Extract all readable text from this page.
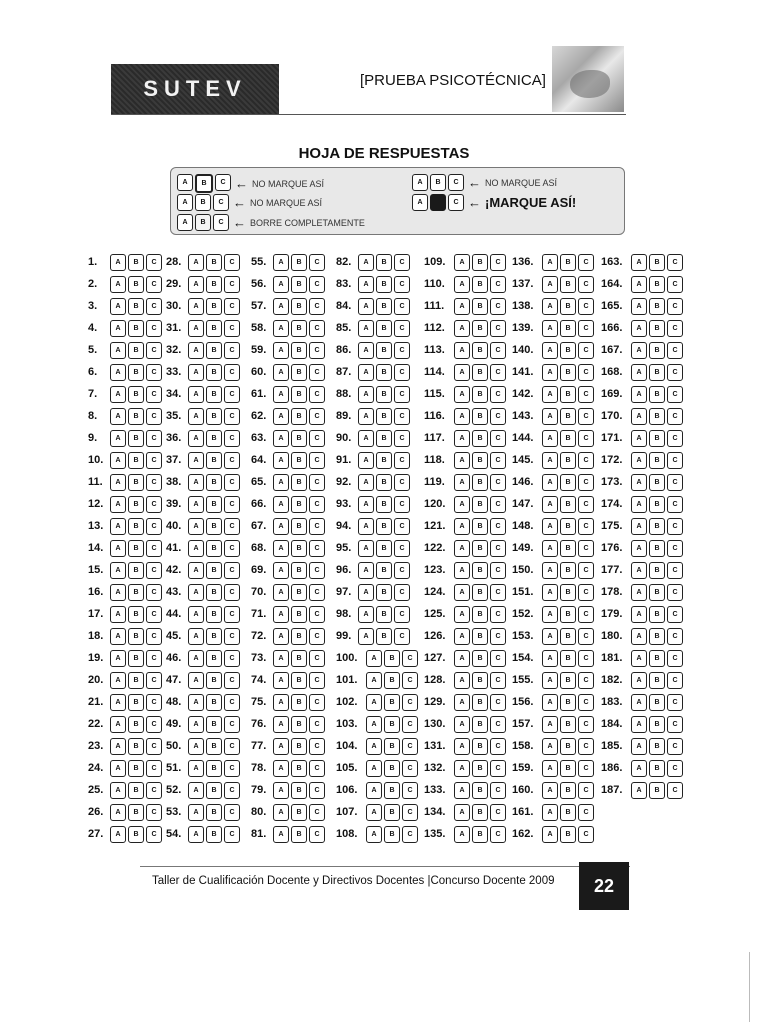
SUTEV	[PRUEBA PSICOTÉCNICA]
HOJA DE RESPUESTAS
A	B	C ← NO MARQUE ASÍ
A	B	C ← NO MARQUE ASÍ
A	B	C ← BORRE COMPLETAMENTE
A	B	C ← NO MARQUE ASÍ
A	C ← ¡MARQUE ASÍ!
1.	A	B	C
2.	A	B	C
3.	A	B	C
4.	A	B	C
5.	A	B	C
6.	A	B	C
7.	A	B	C
8.	A	B	C
9.	A	B	C
10.	A	B	C
11.	A	B	C
12.	A	B	C
13.	A	B	C
14.	A	B	C
15.	A	B	C
16.	A	B	C
17.	A	B	C
18.	A	B	C
19.	A	B	C
20.	A	B	C
21.	A	B	C
22.	A	B	C
23.	A	B	C
24.	A	B	C
25.	A	B	C
26.	A	B	C
27.	A	B	C
28.	A	B	C
29.	A	B	C
30.	A	B	C
31.	A	B	C
32.	A	B	C
33.	A	B	C
34.	A	B	C
35.	A	B	C
36.	A	B	C
37.	A	B	C
38.	A	B	C
39.	A	B	C
40.	A	B	C
41.	A	B	C
42.	A	B	C
43.	A	B	C
44.	A	B	C
45.	A	B	C
46.	A	B	C
47.	A	B	C
48.	A	B	C
49.	A	B	C
50.	A	B	C
51.	A	B	C
52.	A	B	C
53.	A	B	C
54.	A	B	C
55.	A	B	C
56.	A	B	C
57.	A	B	C
58.	A	B	C
59.	A	B	C
60.	A	B	C
61.	A	B	C
62.	A	B	C
63.	A	B	C
64.	A	B	C
65.	A	B	C
66.	A	B	C
67.	A	B	C
68.	A	B	C
69.	A	B	C
70.	A	B	C
71.	A	B	C
72.	A	B	C
73.	A	B	C
74.	A	B	C
75.	A	B	C
76.	A	B	C
77.	A	B	C
78.	A	B	C
79.	A	B	C
80.	A	B	C
81.	A	B	C
82.	A	B	C
83.	A	B	C
84.	A	B	C
85.	A	B	C
86.	A	B	C
87.	A	B	C
88.	A	B	C
89.	A	B	C
90.	A	B	C
91.	A	B	C
92.	A	B	C
93.	A	B	C
94.	A	B	C
95.	A	B	C
96.	A	B	C
97.	A	B	C
98.	A	B	C
99.	A	B	C
100.	A	B	C
101.	A	B	C
102.	A	B	C
103.	A	B	C
104.	A	B	C
105.	A	B	C
106.	A	B	C
107.	A	B	C
108.	A	B	C
109.	A	B	C
110.	A	B	C
111.	A	B	C
112.	A	B	C
113.	A	B	C
114.	A	B	C
115.	A	B	C
116.	A	B	C
117.	A	B	C
118.	A	B	C
119.	A	B	C
120.	A	B	C
121.	A	B	C
122.	A	B	C
123.	A	B	C
124.	A	B	C
125.	A	B	C
126.	A	B	C
127.	A	B	C
128.	A	B	C
129.	A	B	C
130.	A	B	C
131.	A	B	C
132.	A	B	C
133.	A	B	C
134.	A	B	C
135.	A	B	C
136.	A	B	C
137.	A	B	C
138.	A	B	C
139.	A	B	C
140.	A	B	C
141.	A	B	C
142.	A	B	C
143.	A	B	C
144.	A	B	C
145.	A	B	C
146.	A	B	C
147.	A	B	C
148.	A	B	C
149.	A	B	C
150.	A	B	C
151.	A	B	C
152.	A	B	C
153.	A	B	C
154.	A	B	C
155.	A	B	C
156.	A	B	C
157.	A	B	C
158.	A	B	C
159.	A	B	C
160.	A	B	C
161.	A	B	C
162.	A	B	C
163.	A	B	C
164.	A	B	C
165.	A	B	C
166.	A	B	C
167.	A	B	C
168.	A	B	C
169.	A	B	C
170.	A	B	C
171.	A	B	C
172.	A	B	C
173.	A	B	C
174.	A	B	C
175.	A	B	C
176.	A	B	C
177.	A	B	C
178.	A	B	C
179.	A	B	C
180.	A	B	C
181.	A	B	C
182.	A	B	C
183.	A	B	C
184.	A	B	C
185.	A	B	C
186.	A	B	C
187.	A	B	C
Taller de Cualificación Docente y Directivos Docentes |Concurso Docente 2009	22
